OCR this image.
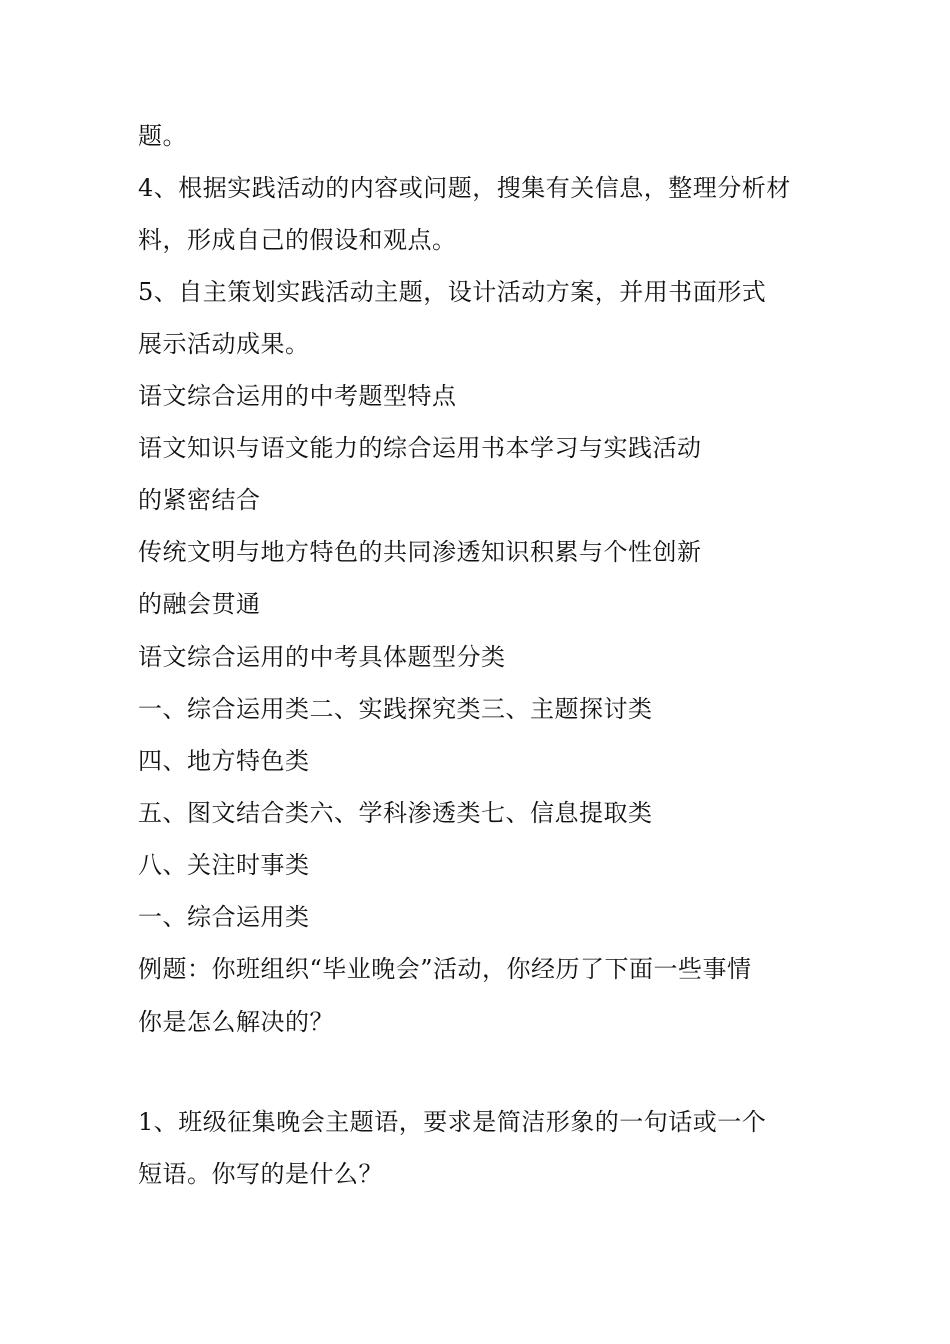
题。
4、根据实践活动的内容或问题，搜集有关信息，整理分析材
料，形成自己的假设和观点。
5、自主策划实践活动主题，设计活动方案，并用书面形式
展示活动成果。
语文综合运用的中考题型特点
语文知识与语文能力的综合运用书本学习与实践活动
的紧密结合
传统文明与地方特色的共同渗透知识积累与个性创新
的融会贯通
语文综合运用的中考具体题型分类
一、综合运用类二、实践探究类三、主题探讨类
四、地方特色类
五、图文结合类六、学科渗透类七、信息提取类
八、关注时事类
一、综合运用类
例题：你班组织“毕业晚会”活动，你经历了下面一些事情
你是怎么解决的？
1、班级征集晚会主题语，要求是简洁形象的一句话或一个
短语。你写的是什么？
